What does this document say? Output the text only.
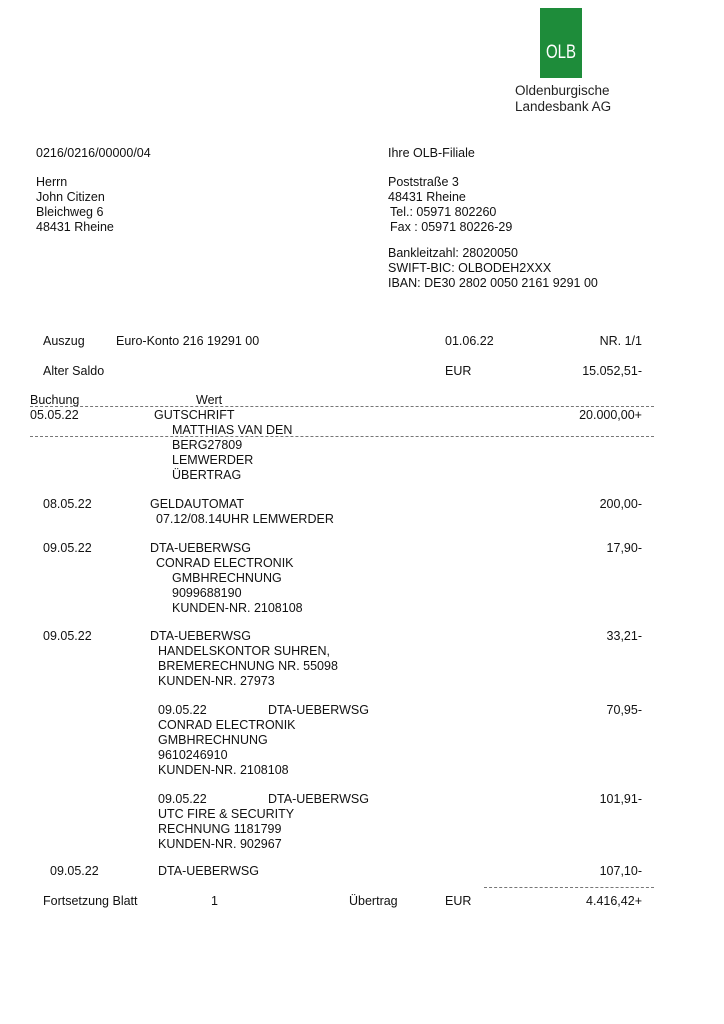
OLB
Oldenburgische
Landesbank AG
0216/0216/00000/04
Herrn
John Citizen
Bleichweg 6
48431 Rheine
Ihre OLB-Filiale
Poststraße 3
48431 Rheine
Tel.: 05971 802260
Fax : 05971 80226-29
Bankleitzahl: 28020050
SWIFT-BIC: OLBODEH2XXX
IBAN: DE30 2802 0050 2161 9291 00
Auszug	Euro-Konto 216 19291 00	01.06.22	NR. 1/1
Alter Saldo	EUR	15.052,51-
Buchung	Wert
05.05.22	GUTSCHRIFT	20.000,00+
MATTHIAS VAN DEN
BERG27809
LEMWERDER
ÜBERTRAG
08.05.22	GELDAUTOMAT	200,00-
07.12/08.14UHR LEMWERDER
09.05.22	DTA-UEBERWSG	17,90-
CONRAD ELECTRONIK
GMBHRECHNUNG
9099688190
KUNDEN-NR. 2108108
09.05.22	DTA-UEBERWSG	33,21-
HANDELSKONTOR SUHREN,
BREMERECHNUNG NR. 55098
KUNDEN-NR. 27973
09.05.22	DTA-UEBERWSG	70,95-
CONRAD ELECTRONIK
GMBHRECHNUNG
9610246910
KUNDEN-NR. 2108108
09.05.22	DTA-UEBERWSG	101,91-
UTC FIRE & SECURITY
RECHNUNG 1181799
KUNDEN-NR. 902967
09.05.22	DTA-UEBERWSG	107,10-
Fortsetzung Blatt	1	Übertrag	EUR	4.416,42+
